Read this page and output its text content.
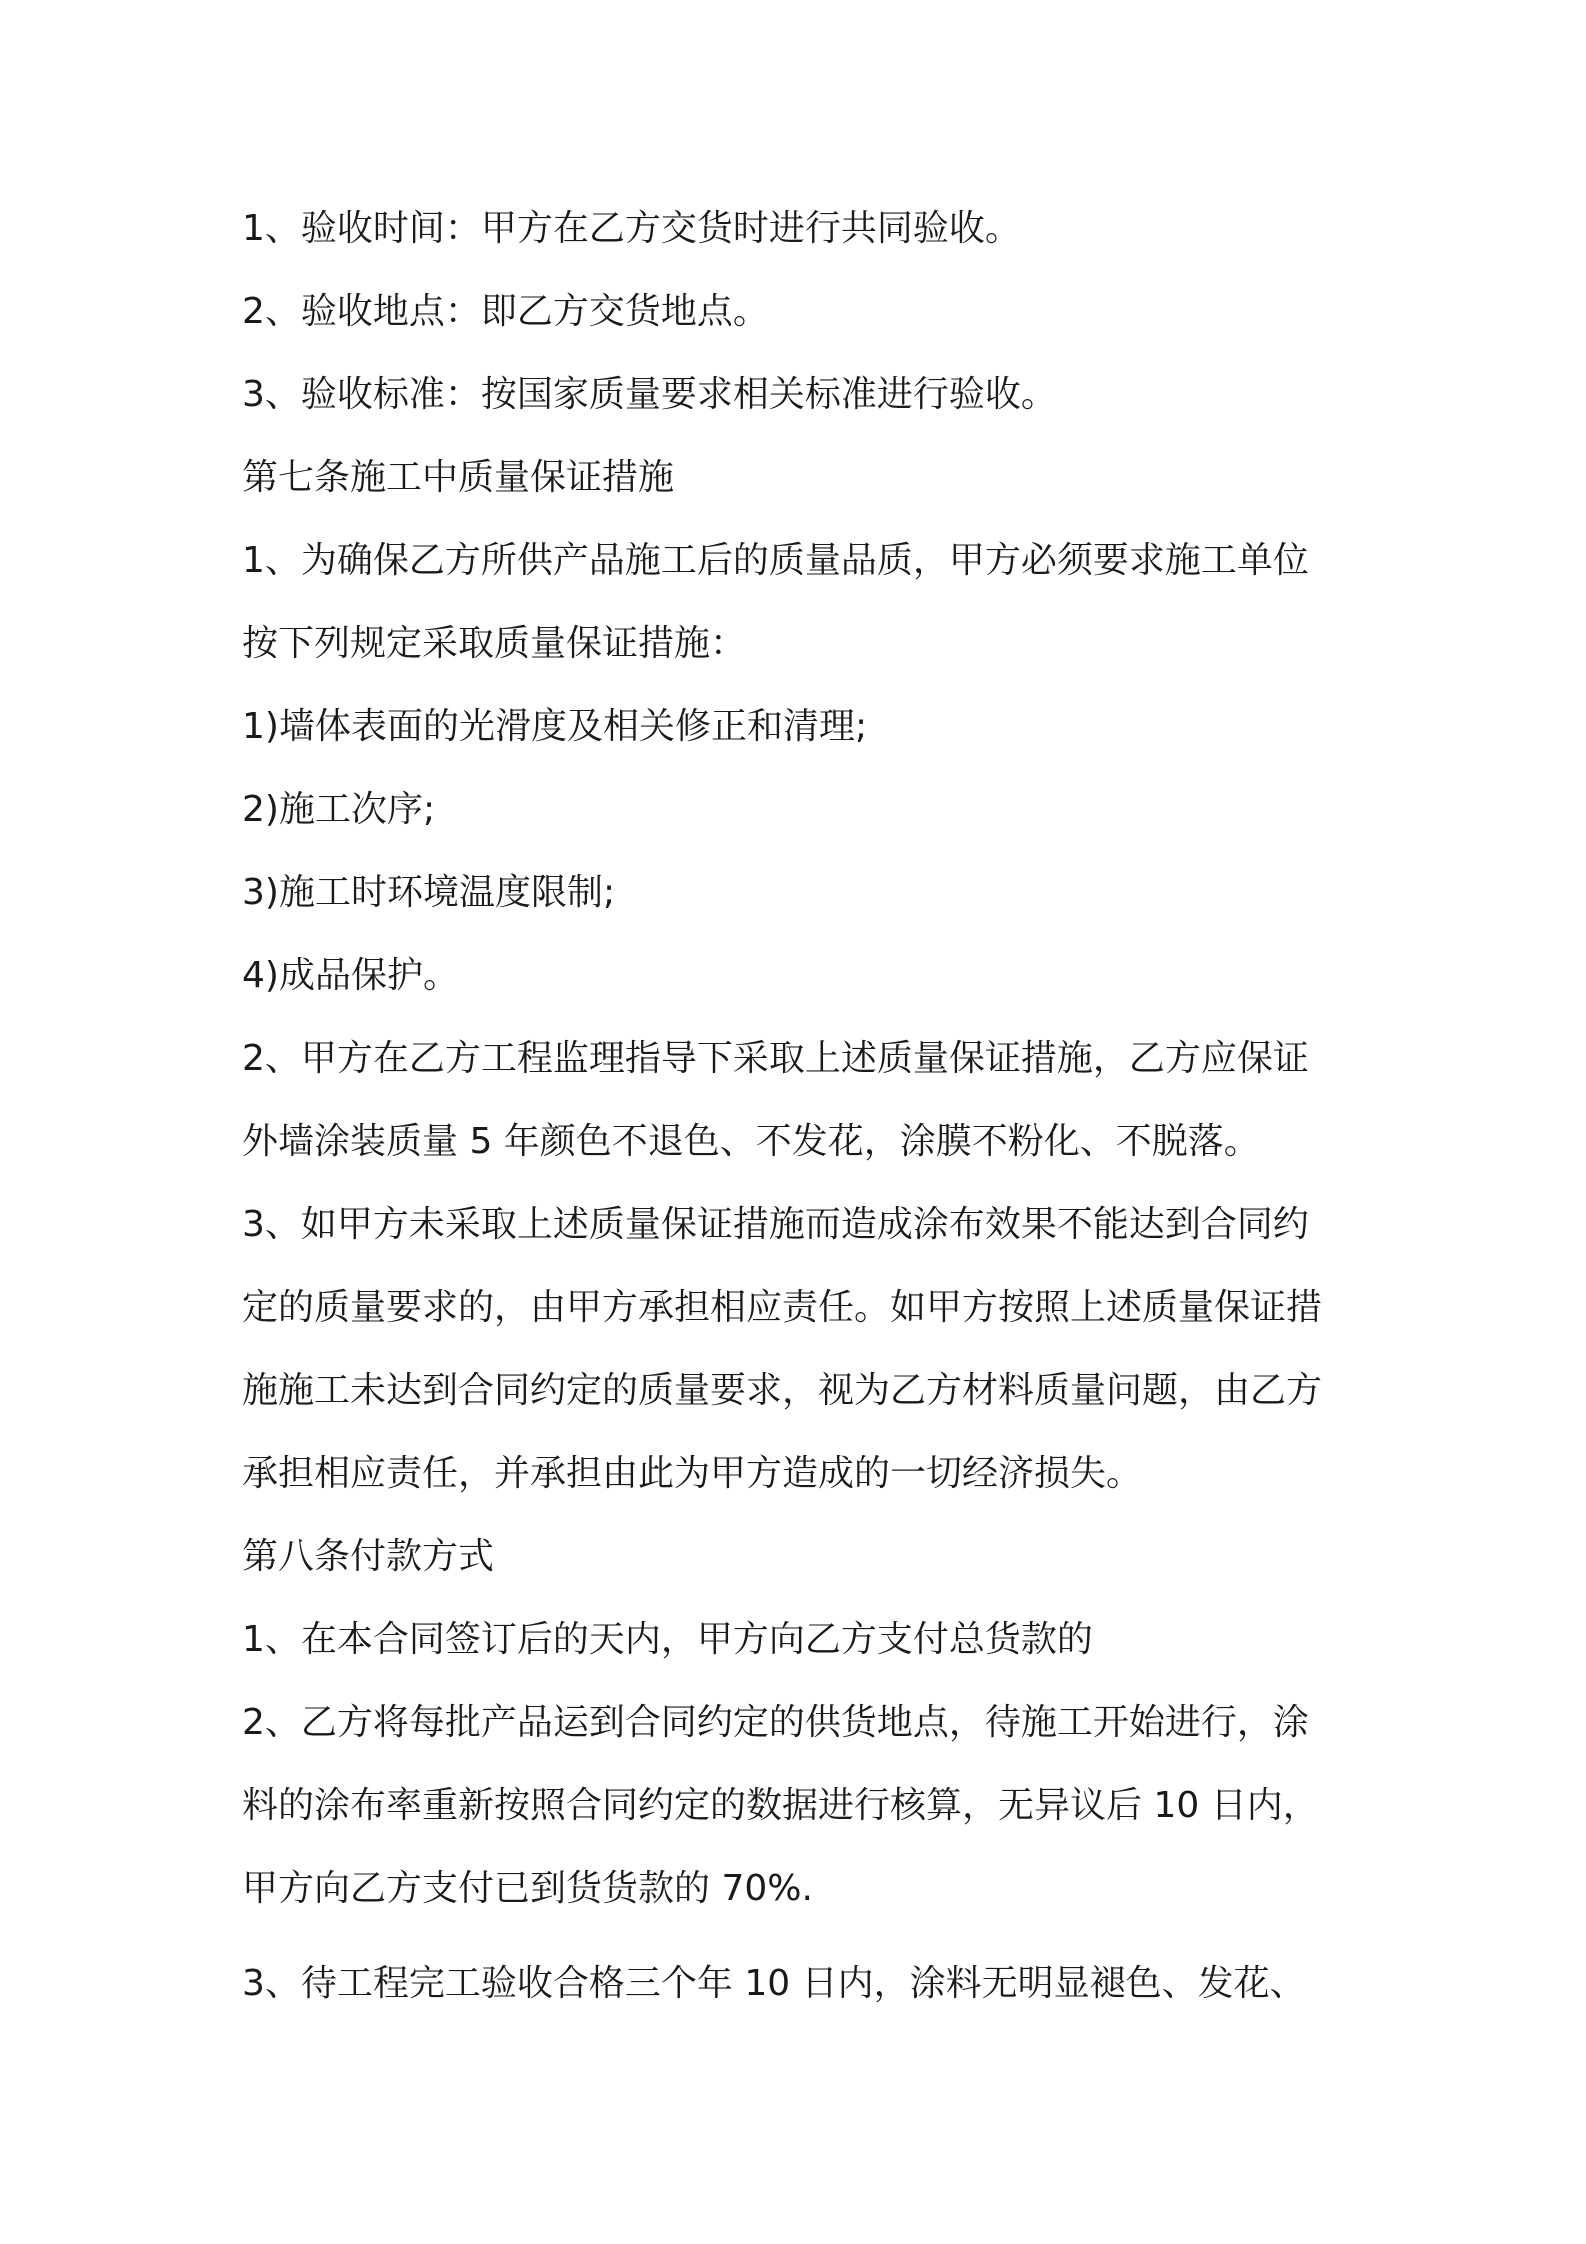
1、验收时间：甲方在乙方交货时进行共同验收。

2、验收地点：即乙方交货地点。

3、验收标准：按国家质量要求相关标准进行验收。

第七条施工中质量保证措施

1、为确保乙方所供产品施工后的质量品质，甲方必须要求施工单位

按下列规定采取质量保证措施：

1)墙体表面的光滑度及相关修正和清理;

2)施工次序;

3)施工时环境温度限制;

4)成品保护。

2、甲方在乙方工程监理指导下采取上述质量保证措施，乙方应保证

外墙涂装质量 5 年颜色不退色、不发花，涂膜不粉化、不脱落。

3、如甲方未采取上述质量保证措施而造成涂布效果不能达到合同约

定的质量要求的，由甲方承担相应责任。如甲方按照上述质量保证措

施施工未达到合同约定的质量要求，视为乙方材料质量问题，由乙方

承担相应责任，并承担由此为甲方造成的一切经济损失。

第八条付款方式

1、在本合同签订后的天内，甲方向乙方支付总货款的

2、乙方将每批产品运到合同约定的供货地点，待施工开始进行，涂

料的涂布率重新按照合同约定的数据进行核算，无异议后 10 日内，

甲方向乙方支付已到货货款的 70%.

3、待工程完工验收合格三个年 10 日内，涂料无明显褪色、发花、
